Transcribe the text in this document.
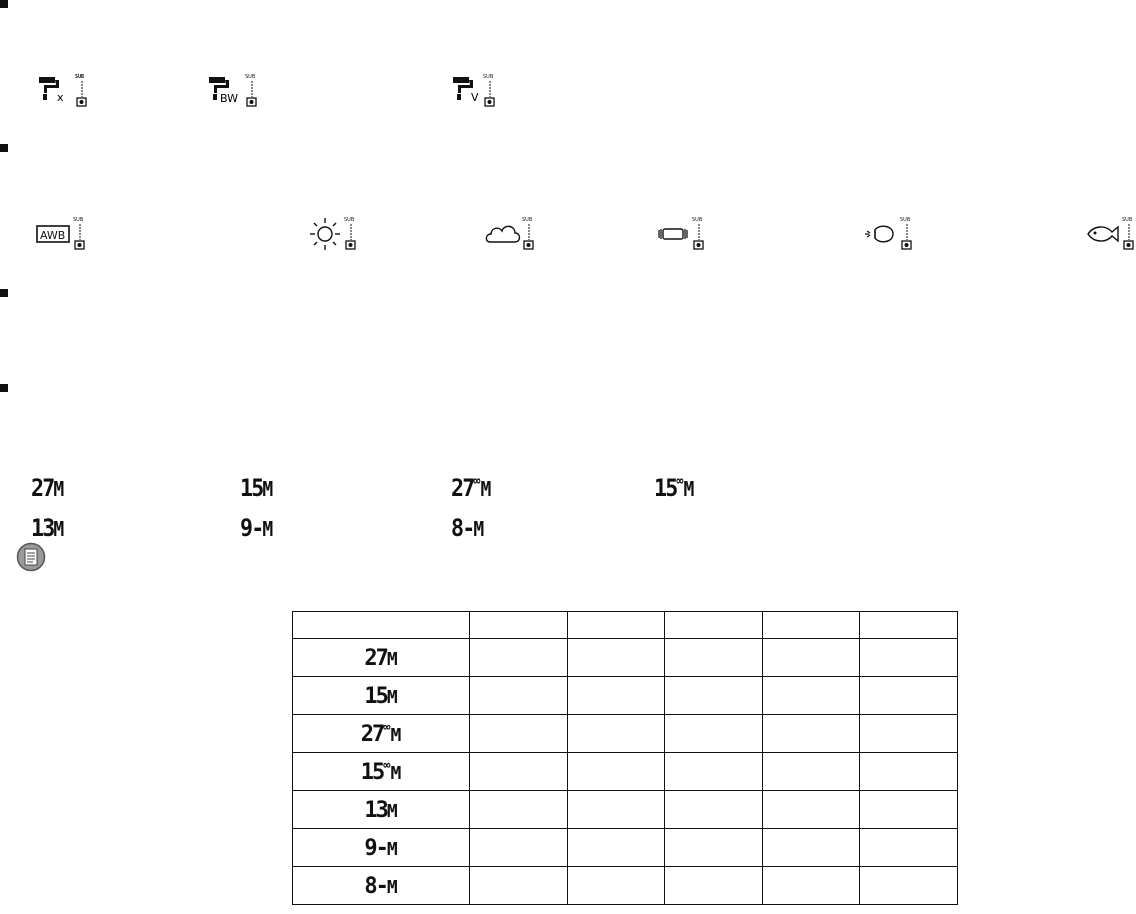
x
SUB
BW
SUB
V
SUB
AWB
SUB	SUB	SUB	SUB	SUB	SUB
27M	15M	27∞M	15∞M
13M	9-M	8-M

27M					
15M					
27∞M					
15∞M					
13M					
9-M					
8-M					
